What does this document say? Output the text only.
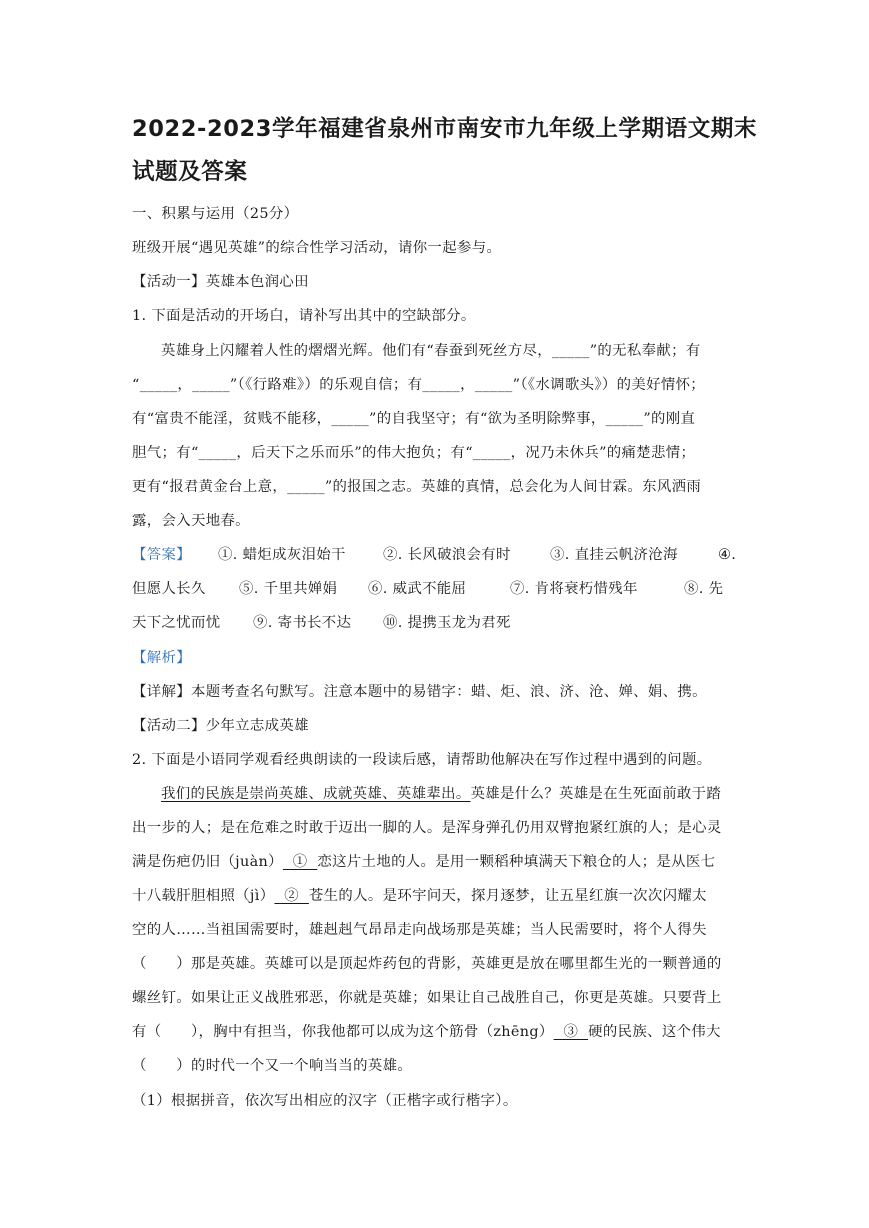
2022-2023学年福建省泉州市南安市九年级上学期语文期末
试题及答案
一、积累与运用（25分）
班级开展“遇见英雄”的综合性学习活动，请你一起参与。
【活动一】英雄本色润心田
1. 下面是活动的开场白，请补写出其中的空缺部分。
英雄身上闪耀着人性的熠熠光辉。他们有“春蚕到死丝方尽，_____”的无私奉献；有
“_____，_____”（《行路难》）的乐观自信；有_____，_____”（《水调歌头》）的美好情怀；
有“富贵不能淫，贫贱不能移，_____”的自我坚守；有“欲为圣明除弊事，_____”的刚直
胆气；有“_____，后天下之乐而乐”的伟大抱负；有“_____，况乃未休兵”的痛楚悲情；
更有“报君黄金台上意，_____”的报国之志。英雄的真情，总会化为人间甘霖。东风洒雨
露，会入天地春。
【答案】 ①. 蜡炬成灰泪始干	②. 长风破浪会有时	③. 直挂云帆济沧海	④.
但愿人长久 ⑤. 千里共婵娟 ⑥. 威武不能屈	⑦. 肯将衰朽惜残年	⑧. 先
天下之忧而忧 ⑨. 寄书长不达 ⑩. 提携玉龙为君死
【解析】
【详解】本题考查名句默写。注意本题中的易错字：蜡、炬、浪、济、沧、婵、娟、携。
【活动二】少年立志成英雄
2. 下面是小语同学观看经典朗读的一段读后感，请帮助他解决在写作过程中遇到的问题。
我们的民族是崇尚英雄、成就英雄、英雄辈出。英雄是什么？英雄是在生死面前敢于踏
出一步的人；是在危难之时敢于迈出一脚的人。是浑身弹孔仍用双臂抱紧红旗的人；是心灵
满是伤疤仍旧（juàn）  ①  恋这片土地的人。是用一颗稻种填满天下粮仓的人；是从医七
十八载肝胆相照（jì）  ②  苍生的人。是环宇问天，探月逐梦，让五星红旗一次次闪耀太
空的人……当祖国需要时，雄赳赳气昂昂走向战场那是英雄；当人民需要时，将个人得失
（　　）那是英雄。英雄可以是顶起炸药包的背影，英雄更是放在哪里都生光的一颗普通的
螺丝钉。如果让正义战胜邪恶，你就是英雄；如果让自己战胜自己，你更是英雄。只要背上
有（　　），胸中有担当，你我他都可以成为这个筋骨（zhēng）  ③  硬的民族、这个伟大
（　　）的时代一个又一个响当当的英雄。
（1）根据拼音，依次写出相应的汉字（正楷字或行楷字）。
